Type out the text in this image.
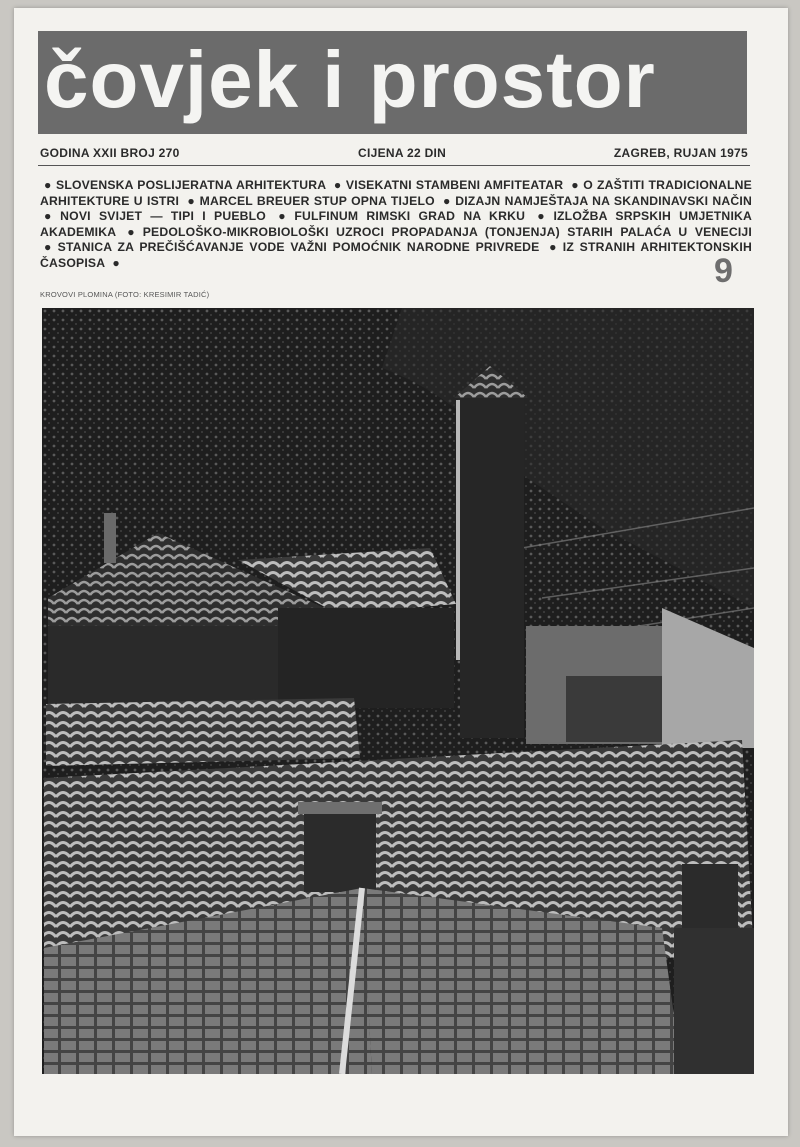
čovjek i prostor
GODINA XXII BROJ 270	CIJENA 22 DIN	ZAGREB, RUJAN 1975
● SLOVENSKA POSLIJERATNA ARHITEKTURA ● VISEKATNI STAMBENI AMFITEATAR ● O ZAŠTITI TRADICIONALNE ARHITEKTURE U ISTRI ● MARCEL BREUER STUP OPNA TIJELO ● DIZAJN NAMJEŠTAJA NA SKANDINAVSKI NAČIN ● NOVI SVIJET — TIPI I PUEBLO ● FULFINUM RIMSKI GRAD NA KRKU ● IZLOŽBA SRPSKIH UMJETNIKA AKADEMIKA ● PEDOLOŠKO-MIKROBIOLOŠKI UZROCI PROPADANJA (TONJENJA) STARIH PALAĆA U VENECIJI ● STANICA ZA PREČIŠĆAVANJE VODE VAŽNI POMOĆNIK NARODNE PRIVREDE ● IZ STRANIH ARHITEKTONSKIH ČASOPISA ●	9
KROVOVI PLOMINA (FOTO: KRESIMIR TADIĆ)
